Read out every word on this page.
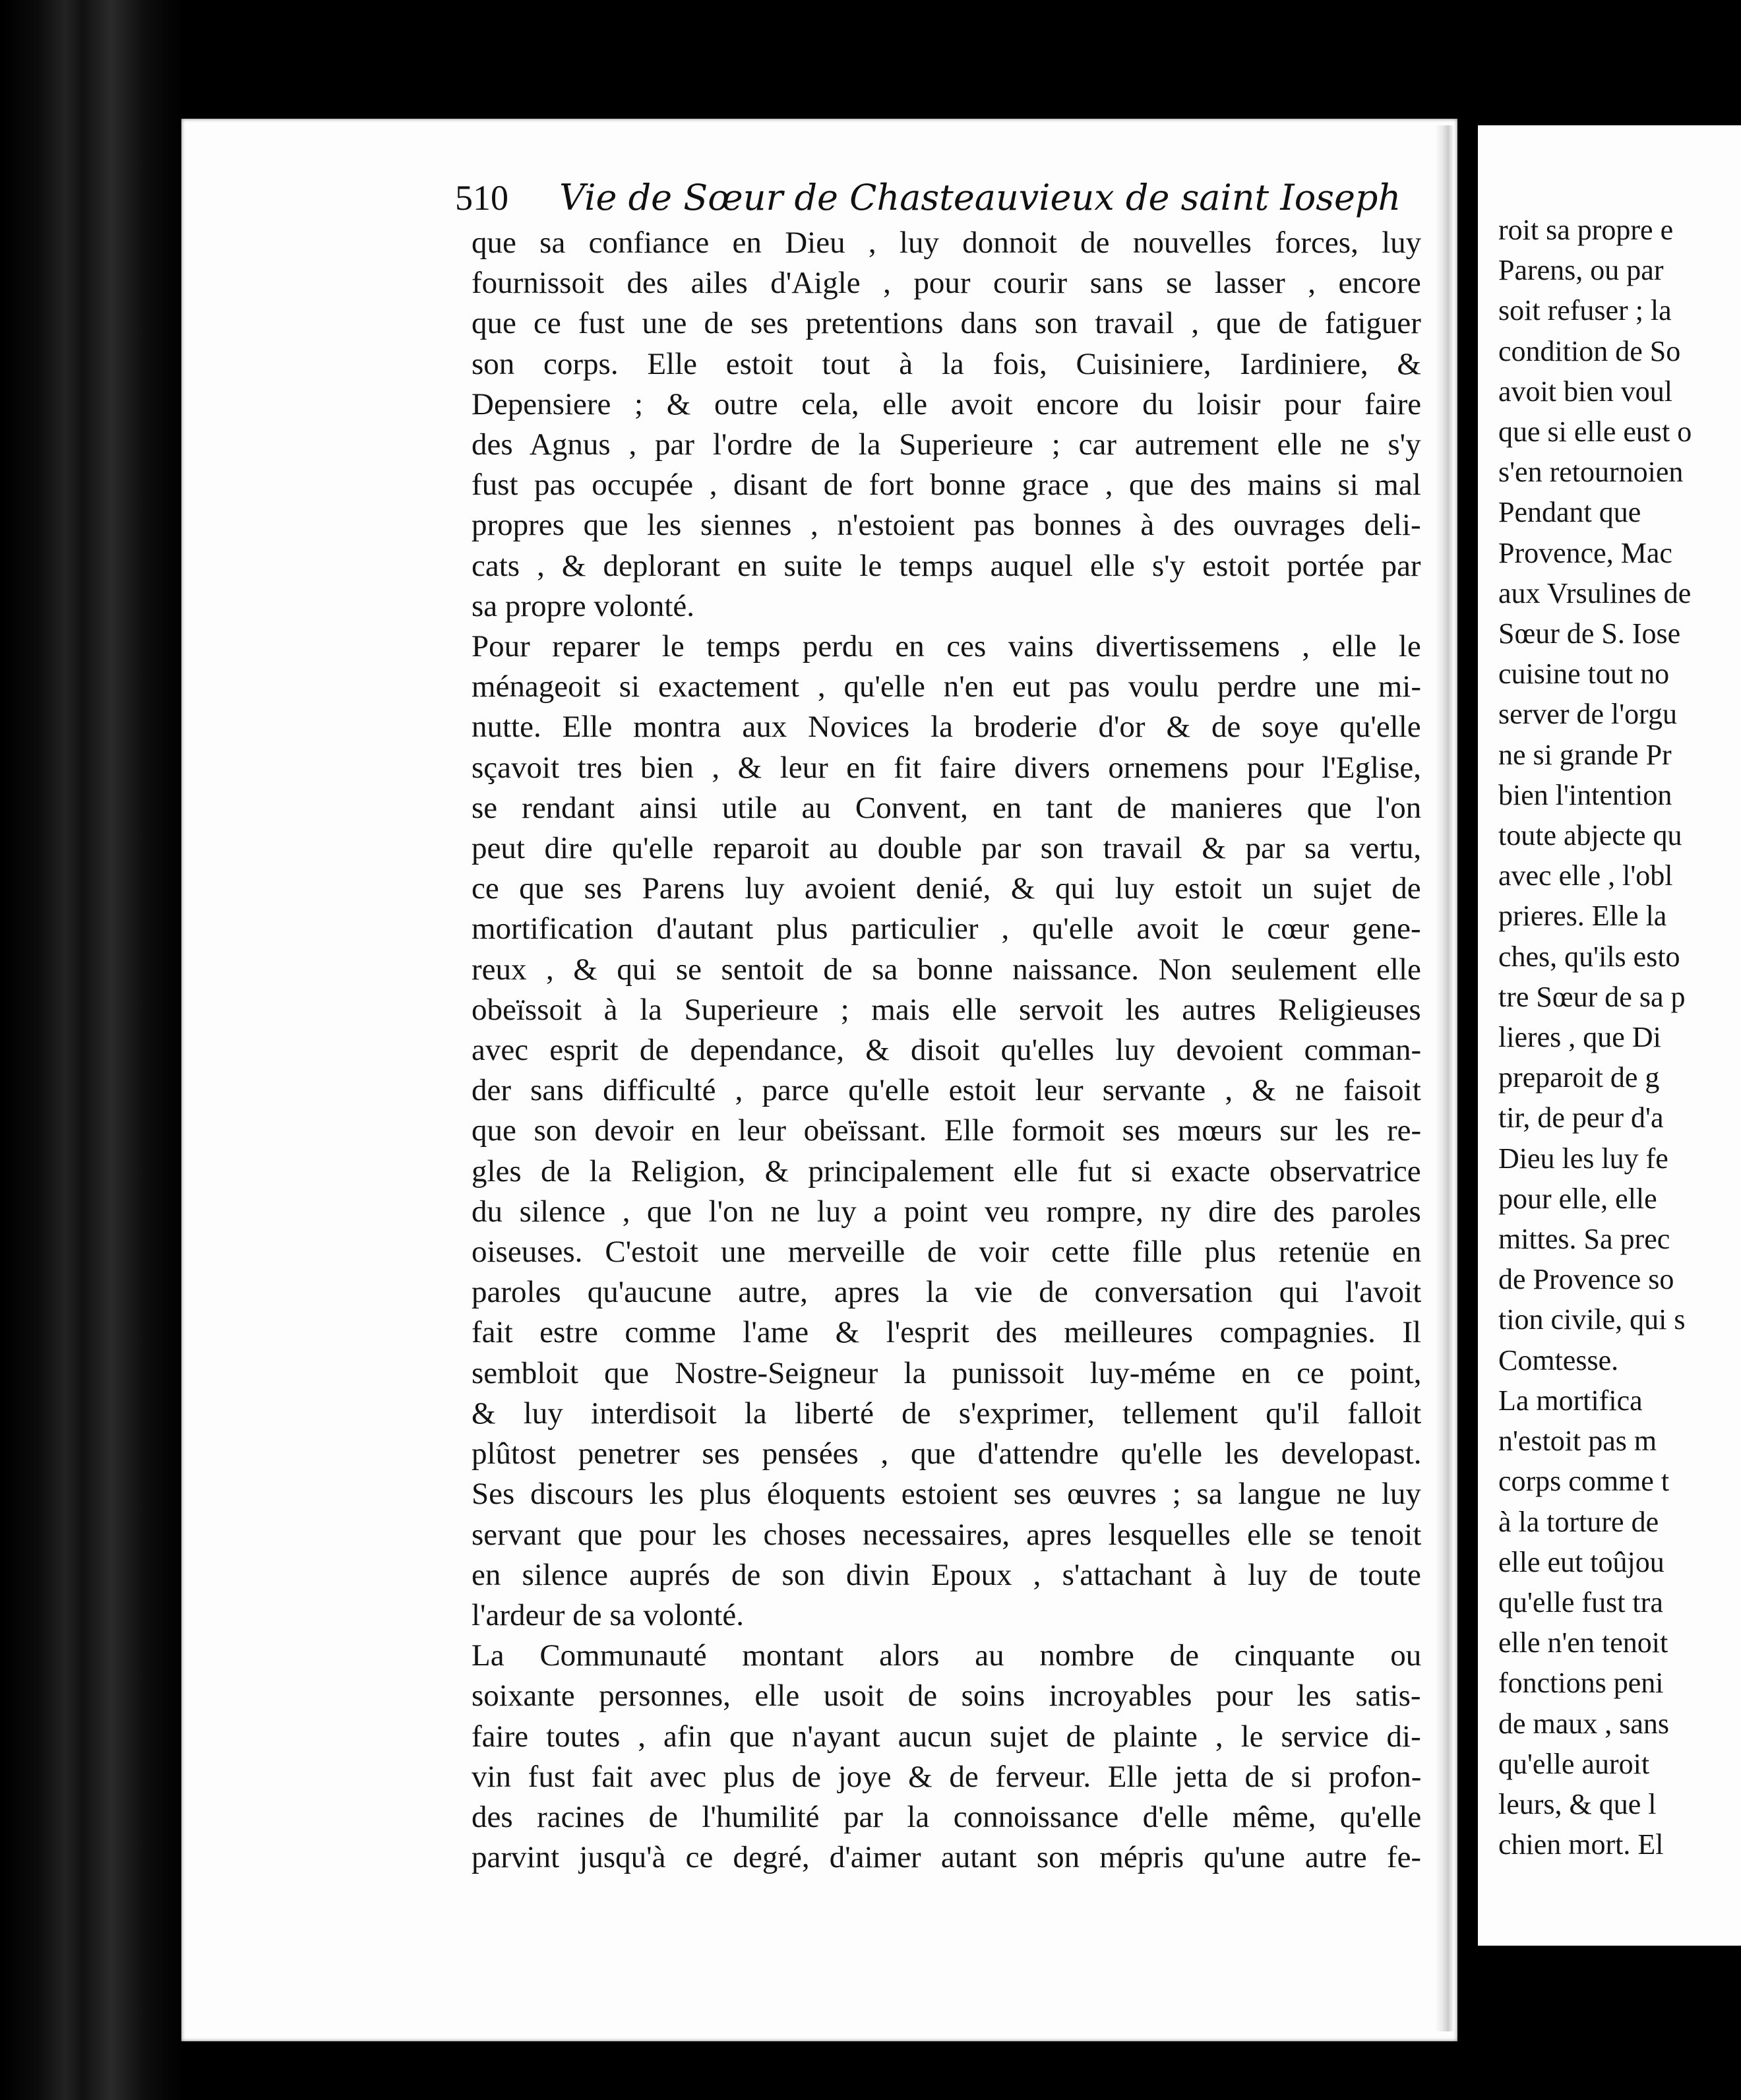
510 Vie de Sœur de Chasteauvieux de saint Ioseph
que sa confiance en Dieu , luy donnoit de nouvelles forces, luy
fournissoit des ailes d'Aigle , pour courir sans se lasser , encore
que ce fust une de ses pretentions dans son travail , que de fatiguer
son corps. Elle estoit tout à la fois, Cuisiniere, Iardiniere, &
Depensiere ; & outre cela, elle avoit encore du loisir pour faire
des Agnus , par l'ordre de la Superieure ; car autrement elle ne s'y
fust pas occupée , disant de fort bonne grace , que des mains si mal
propres que les siennes , n'estoient pas bonnes à des ouvrages deli-
cats , & deplorant en suite le temps auquel elle s'y estoit portée par
sa propre volonté.
Pour reparer le temps perdu en ces vains divertissemens , elle le
ménageoit si exactement , qu'elle n'en eut pas voulu perdre une mi-
nutte. Elle montra aux Novices la broderie d'or & de soye qu'elle
sçavoit tres bien , & leur en fit faire divers ornemens pour l'Eglise,
se rendant ainsi utile au Convent, en tant de manieres que l'on
peut dire qu'elle reparoit au double par son travail & par sa vertu,
ce que ses Parens luy avoient denié, & qui luy estoit un sujet de
mortification d'autant plus particulier , qu'elle avoit le cœur gene-
reux , & qui se sentoit de sa bonne naissance. Non seulement elle
obeïssoit à la Superieure ; mais elle servoit les autres Religieuses
avec esprit de dependance, & disoit qu'elles luy devoient comman-
der sans difficulté , parce qu'elle estoit leur servante , & ne faisoit
que son devoir en leur obeïssant. Elle formoit ses mœurs sur les re-
gles de la Religion, & principalement elle fut si exacte observatrice
du silence , que l'on ne luy a point veu rompre, ny dire des paroles
oiseuses. C'estoit une merveille de voir cette fille plus retenüe en
paroles qu'aucune autre, apres la vie de conversation qui l'avoit
fait estre comme l'ame & l'esprit des meilleures compagnies. Il
sembloit que Nostre-Seigneur la punissoit luy-méme en ce point,
& luy interdisoit la liberté de s'exprimer, tellement qu'il falloit
plûtost penetrer ses pensées , que d'attendre qu'elle les developast.
Ses discours les plus éloquents estoient ses œuvres ; sa langue ne luy
servant que pour les choses necessaires, apres lesquelles elle se tenoit
en silence auprés de son divin Epoux , s'attachant à luy de toute
l'ardeur de sa volonté.
La Communauté montant alors au nombre de cinquante ou
soixante personnes, elle usoit de soins incroyables pour les satis-
faire toutes , afin que n'ayant aucun sujet de plainte , le service di-
vin fust fait avec plus de joye & de ferveur. Elle jetta de si profon-
des racines de l'humilité par la connoissance d'elle même, qu'elle
parvint jusqu'à ce degré, d'aimer autant son mépris qu'une autre fe-
roit sa propre e
Parens, ou par
soit refuser ; la
condition de So
avoit bien voul
que si elle eust o
s'en retournoien
Pendant que
Provence, Mac
aux Vrsulines de
Sœur de S. Iose
cuisine tout no
server de l'orgu
ne si grande Pr
bien l'intention
toute abjecte qu
avec elle , l'obl
prieres. Elle la
ches, qu'ils esto
tre Sœur de sa p
lieres , que Di
preparoit de g
tir, de peur d'a
Dieu les luy fe
pour elle, elle
mittes. Sa prec
de Provence so
tion civile, qui s
Comtesse.
La mortifica
n'estoit pas m
corps comme t
à la torture de
elle eut toûjou
qu'elle fust tra
elle n'en tenoit
fonctions peni
de maux , sans
qu'elle auroit
leurs, & que l
chien mort. El
